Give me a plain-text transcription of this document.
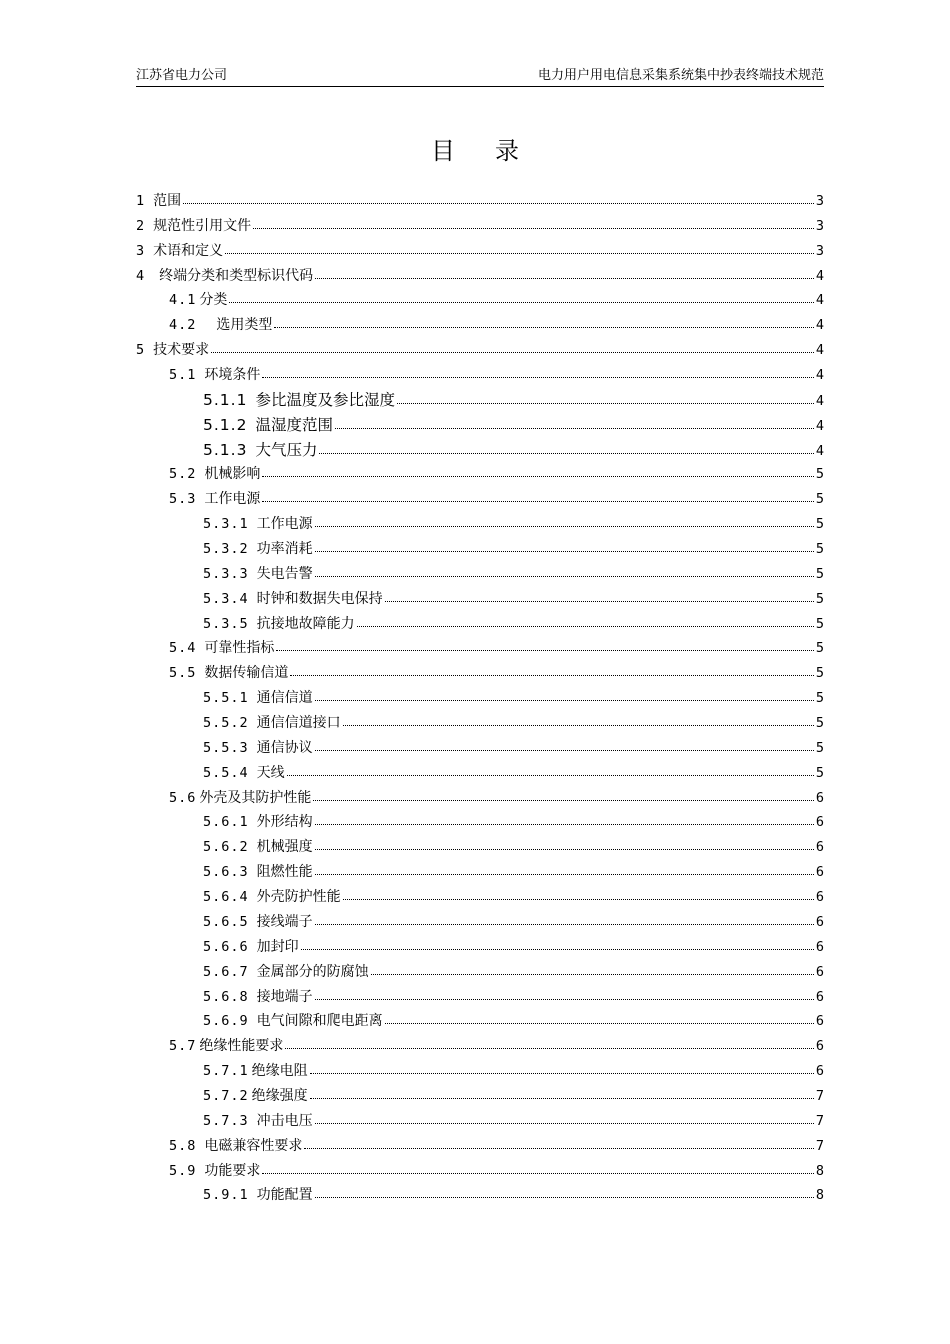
江苏省电力公司	电力用户用电信息采集系统集中抄表终端技术规范
目录
1 范围	3
2 规范性引用文件	3
3 术语和定义	3
4 终端分类和类型标识代码	4
4.1 分类	4
4.2 选用类型	4
5 技术要求	4
5.1 环境条件	4
5.1.1 参比温度及参比湿度	4
5.1.2 温湿度范围	4
5.1.3 大气压力	4
5.2 机械影响	5
5.3 工作电源	5
5.3.1 工作电源	5
5.3.2 功率消耗	5
5.3.3 失电告警	5
5.3.4 时钟和数据失电保持	5
5.3.5 抗接地故障能力	5
5.4 可靠性指标	5
5.5 数据传输信道	5
5.5.1 通信信道	5
5.5.2 通信信道接口	5
5.5.3 通信协议	5
5.5.4 天线	5
5.6 外壳及其防护性能	6
5.6.1 外形结构	6
5.6.2 机械强度	6
5.6.3 阻燃性能	6
5.6.4 外壳防护性能	6
5.6.5 接线端子	6
5.6.6 加封印	6
5.6.7 金属部分的防腐蚀	6
5.6.8 接地端子	6
5.6.9 电气间隙和爬电距离	6
5.7 绝缘性能要求	6
5.7.1 绝缘电阻	6
5.7.2 绝缘强度	7
5.7.3 冲击电压	7
5.8 电磁兼容性要求	7
5.9 功能要求	8
5.9.1 功能配置	8
